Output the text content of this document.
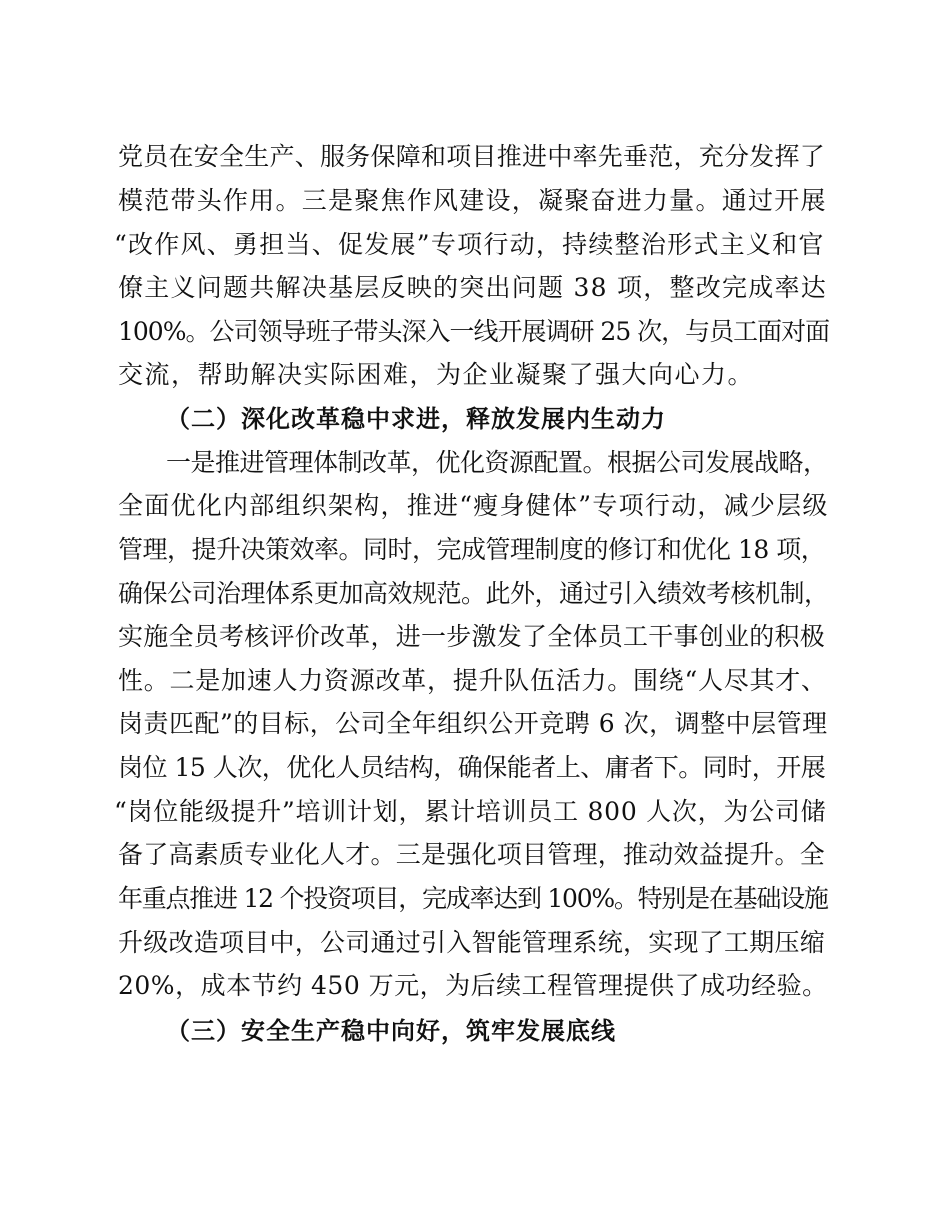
党员在安全生产、服务保障和项目推进中率先垂范，充分发挥了

模范带头作用。三是聚焦作风建设，凝聚奋进力量。通过开展

“改作风、勇担当、促发展”专项行动，持续整治形式主义和官

僚主义问题共解决基层反映的突出问题 38 项，整改完成率达

100%。公司领导班子带头深入一线开展调研 25 次，与员工面对面

交流，帮助解决实际困难，为企业凝聚了强大向心力。

（二）深化改革稳中求进，释放发展内生动力

一是推进管理体制改革，优化资源配置。根据公司发展战略，

全面优化内部组织架构，推进“瘦身健体”专项行动，减少层级

管理，提升决策效率。同时，完成管理制度的修订和优化 18 项，

确保公司治理体系更加高效规范。此外，通过引入绩效考核机制，

实施全员考核评价改革，进一步激发了全体员工干事创业的积极

性。二是加速人力资源改革，提升队伍活力。围绕“人尽其才、

岗责匹配”的目标，公司全年组织公开竞聘 6 次，调整中层管理

岗位 15 人次，优化人员结构，确保能者上、庸者下。同时，开展

“岗位能级提升”培训计划，累计培训员工 800 人次，为公司储

备了高素质专业化人才。三是强化项目管理，推动效益提升。全

年重点推进 12 个投资项目，完成率达到 100%。特别是在基础设施

升级改造项目中，公司通过引入智能管理系统，实现了工期压缩

20%，成本节约 450 万元，为后续工程管理提供了成功经验。

（三）安全生产稳中向好，筑牢发展底线
